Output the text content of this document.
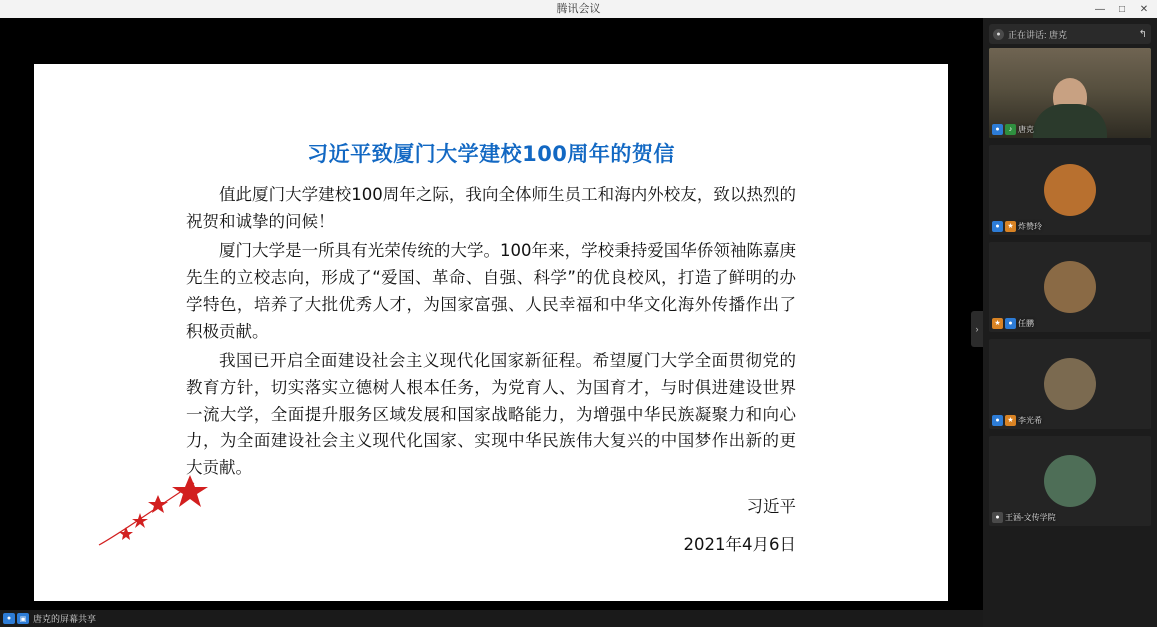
腾讯会议	—	□	✕
习近平致厦门大学建校100周年的贺信

值此厦门大学建校100周年之际，我向全体师生员工和海内外校友，致以热烈的祝贺和诚挚的问候！

厦门大学是一所具有光荣传统的大学。100年来，学校秉持爱国华侨领袖陈嘉庚先生的立校志向，形成了“爱国、革命、自强、科学”的优良校风，打造了鲜明的办学特色，培养了大批优秀人才，为国家富强、人民幸福和中华文化海外传播作出了积极贡献。

我国已开启全面建设社会主义现代化国家新征程。希望厦门大学全面贯彻党的教育方针，切实落实立德树人根本任务，为党育人、为国育才，与时俱进建设世界一流大学，全面提升服务区域发展和国家战略能力，为增强中华民族凝聚力和向心力，为全面建设社会主义现代化国家、实现中华民族伟大复兴的中国梦作出新的更大贡献。

习近平
2021年4月6日
●	▣ 唐克的屏幕共享
›
● 正在讲话: 唐克	↰
●	♪ 唐克
●	★ 炸赞玲
★	● 任鹏
●	★ 李光希
● 王涵-文传学院
